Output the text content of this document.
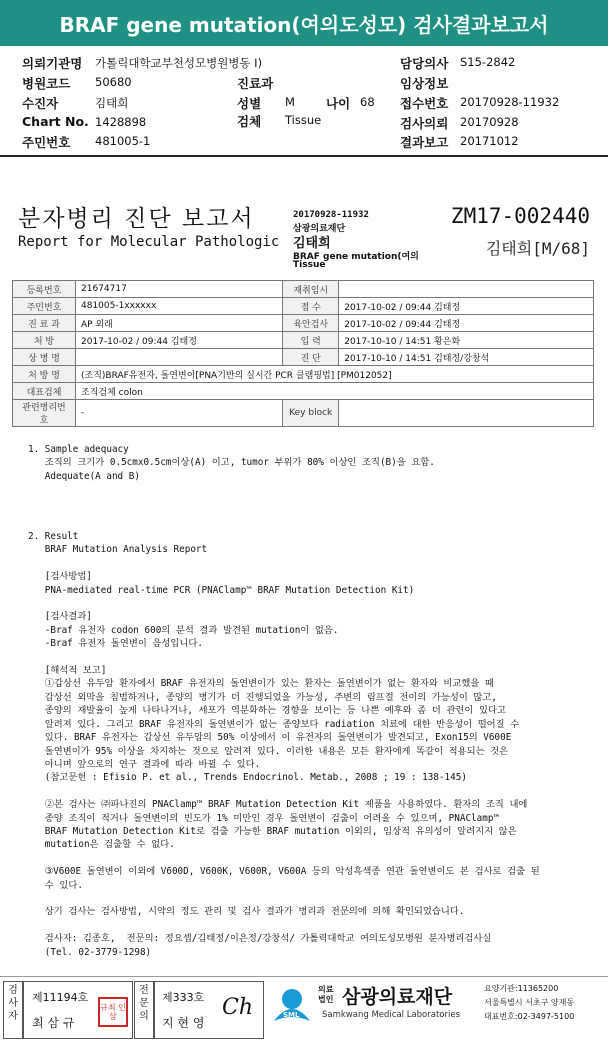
BRAF gene mutation(여의도성모) 검사결과보고서
의뢰기관명 가톨릭대학교부천성모병원병동 I)	담당의사 S15-2842
병원코드 50680	진료과	임상정보
수진자	김태희	성별 M 나이 68 접수번호 20170928-11932
Chart No. 1428898	검체 Tissue	검사의뢰 20170928
주민번호 481005-1	결과보고 20171012
분자병리 진단 보고서
Report for Molecular Pathologic
20170928-11932
삼광의료재단
김태희
BRAF gene mutation(여의
Tissue
ZM17-002440
김태희[M/68]
등록번호	21674717	재취임시	
주민번호	481005-1xxxxxx	접 수	2017-10-02 / 09:44 김태정
진 료 과	AP 외래	육안검사	2017-10-02 / 09:44 김태정
처 방	2017-10-02 / 09:44 김태정	입 력	2017-10-10 / 14:51 황은화
상 병 명		진 단	2017-10-10 / 14:51 김태정/강창석
처 방 명	(조직)BRAF유전자, 돌연변이[PNA기반의 실시간 PCR 클램핑법] [PM012052]		
대표검체	조직검체 colon		
관련병리번호	-	Key block	
1. Sample adequacy
조직의 크기가 0.5cmx0.5cm이상(A) 이고, tumor 부위가 80% 이상인 조직(B)을 요함.
Adequate(A and B)
2. Result
BRAF Mutation Analysis Report

[검사방법]
PNA-mediated real-time PCR (PNAClamp™ BRAF Mutation Detection Kit)

[검사결과]
-Braf 유전자 codon 600의 분석 결과 발견된 mutation이 없음.
-Braf 유전자 돌연변이 음성입니다.

[해석적 보고]
①갑상선 유두암 환자에서 BRAF 유전자의 돌연변이가 있는 환자는 돌연변이가 없는 환자와 비교했을 때
갑상선 외막을 침범하거나, 종양의 병기가 더 진행되었을 가능성, 주변의 림프절 전이의 가능성이 많고,
종양의 재발율이 높게 나타나거나, 세포가 역분화하는 경향을 보이는 등 나쁜 예후와 좀 더 관련이 있다고
알려져 있다. 그리고 BRAF 유전자의 돌연변이가 없는 종양보다 radiation 치료에 대한 반응성이 떨어질 수
있다. BRAF 유전자는 갑상선 유두암의 50% 이상에서 이 유전자의 돌연변이가 발견되고, Exon15의 V600E
돌연변이가 95% 이상을 차지하는 것으로 알려져 있다. 이러한 내용은 모든 환자에게 똑같이 적용되는 것은
아니며 앞으로의 연구 결과에 따라 바뀔 수 있다.
(참고문헌 : Efisio P. et al., Trends Endocrinol. Metab., 2008 ; 19 : 138-145)

②본 검사는 ㈜파나진의 PNAClamp™ BRAF Mutation Detection Kit 제품을 사용하였다. 환자의 조직 내에
종양 조직이 적거나 돌연변이의 빈도가 1% 미만인 경우 돌연변이 검출이 어려울 수 있으며, PNAClamp™
BRAF Mutation Detection Kit로 검출 가능한 BRAF mutation 이외의, 임상적 유의성이 알려지지 않은
mutation은 검출할 수 없다.

③V600E 돌연변이 이외에 V600D, V600K, V600R, V600A 등의 악성흑색종 연관 돌연변이도 본 검사로 검출 된
수 있다.

상기 검사는 검사방법, 시약의 정도 관리 및 검사 결과가 병리과 전문의에 의해 확인되었습니다.

검사자: 김종호,  전문의: 정요셉/김태정/이은정/강창석/ 가톨릭대학교 여의도성모병원 분자병리검사실
(Tel. 02-3779-1298)
검사자
제11194호
최 삼 규
규최 인삼
전문의
제333호
지 현 영
Ch	SML
의료법인 삼광의료재단
Samkwang Medical Laboratories
요양기관:11365200
서울특별시 서초구 양재동
대표번호:02-3497-5100
